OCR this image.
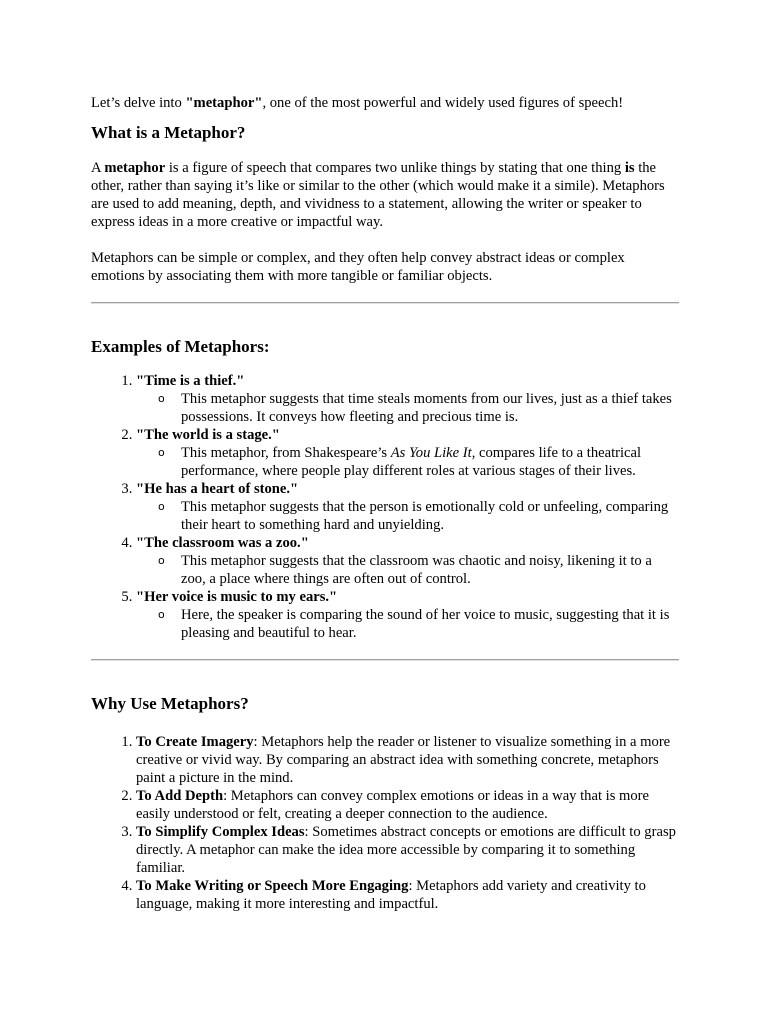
Let’s delve into "metaphor", one of the most powerful and widely used figures of speech!

What is a Metaphor?

A metaphor is a figure of speech that compares two unlike things by stating that one thing is the other, rather than saying it’s like or similar to the other (which would make it a simile). Metaphors are used to add meaning, depth, and vividness to a statement, allowing the writer or speaker to express ideas in a more creative or impactful way.

Metaphors can be simple or complex, and they often help convey abstract ideas or complex emotions by associating them with more tangible or familiar objects.

Examples of Metaphors:
1. "Time is a thief."
o This metaphor suggests that time steals moments from our lives, just as a thief takes possessions. It conveys how fleeting and precious time is.
2. "The world is a stage."
o This metaphor, from Shakespeare’s As You Like It, compares life to a theatrical performance, where people play different roles at various stages of their lives.
3. "He has a heart of stone."
o This metaphor suggests that the person is emotionally cold or unfeeling, comparing their heart to something hard and unyielding.
4. "The classroom was a zoo."
o This metaphor suggests that the classroom was chaotic and noisy, likening it to a zoo, a place where things are often out of control.
5. "Her voice is music to my ears."
o Here, the speaker is comparing the sound of her voice to music, suggesting that it is pleasing and beautiful to hear.
Why Use Metaphors?
1. To Create Imagery: Metaphors help the reader or listener to visualize something in a more creative or vivid way. By comparing an abstract idea with something concrete, metaphors paint a picture in the mind.
2. To Add Depth: Metaphors can convey complex emotions or ideas in a way that is more easily understood or felt, creating a deeper connection to the audience.
3. To Simplify Complex Ideas: Sometimes abstract concepts or emotions are difficult to grasp directly. A metaphor can make the idea more accessible by comparing it to something familiar.
4. To Make Writing or Speech More Engaging: Metaphors add variety and creativity to language, making it more interesting and impactful.
